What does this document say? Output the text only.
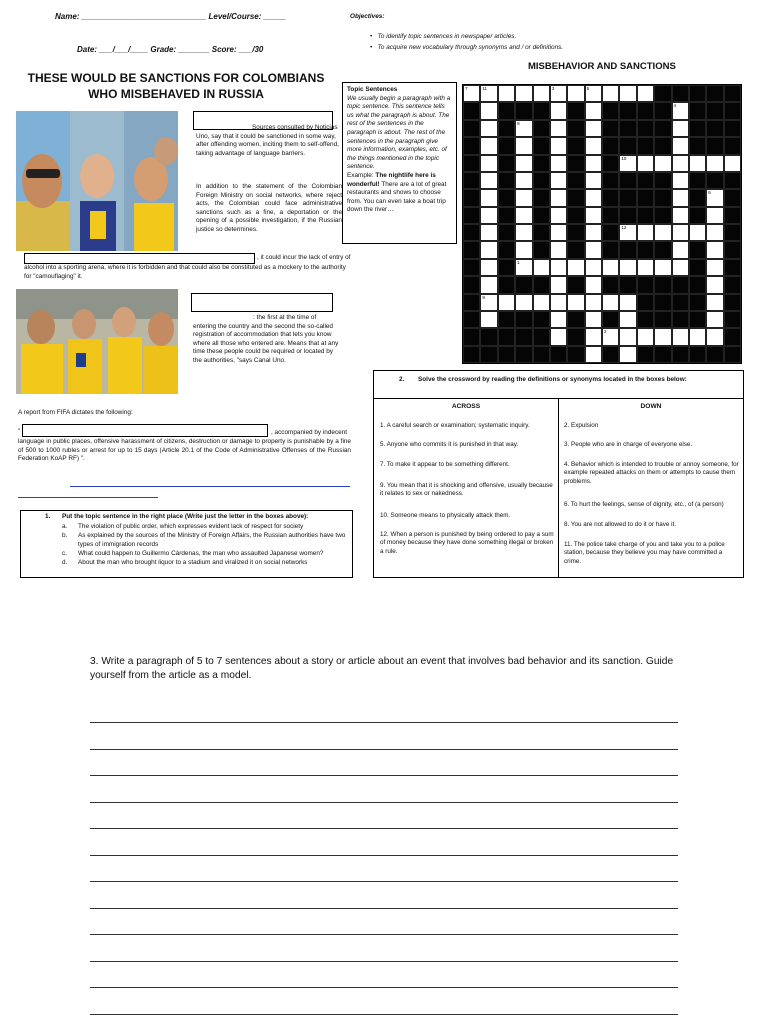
Name: ____________________________ Level/Course: _____
Date: ___/___/____ Grade: _______ Score: ___/30
Objectives:
•   To identify topic sentences in newspaper articles.
•   To acquire new vocabulary through synonyms and / or definitions.
THESE WOULD BE SANCTIONS FOR COLOMBIANS
WHO MISBEHAVED IN RUSSIA
Sources consulted by Noticias Uno, say that it could be sanctioned in some way, after offending women, inciting them to self-offend, taking advantage of language barriers.
In addition to the statement of the Colombian Foreign Ministry on social networks, where reject acts, the Colombian could face administrative sanctions such as a fine, a deportation or the opening of a possible investigation, if the Russian justice so determines.
, it could incur the lack of entry of
alcohol into a sporting arena, where it is forbidden and that could also be constituted as a mockery to the authority for "camouflaging" it.
: the first at the time of entering the country and the second the so-called registration of accommodation that lets you know where all those who entered are. Means that at any time these people could be required or located by the authorities, "says Canal Uno.
A report from FIFA dictates the following:
"	, accompanied by indecent
language in public places, offensive harassment of citizens, destruction or damage to property is punishable by a fine of 500 to 1000 rubles or arrest for up to 15 days (Article 20.1 of the Code of Administrative Offenses of the Russian Federation KoAP RF) ".
1. Put the topic sentence in the right place (Write just the letter in the boxes above):
a. The violation of public order, which expresses evident lack of respect for society
b. As explained by the sources of the Ministry of Foreign Affairs, the Russian authorities have two types of immigration records
c. What could happen to Guillermo Cárdenas, the man who assaulted Japanese women?
d. About the man who brought liquor to a stadium and viralized it on social networks
Topic Sentences
We usually begin a paragraph with a topic sentence. This sentence tells us what the paragraph is about. The rest of the sentences in the paragraph is about. The rest of the sentences in the paragraph give more information, examples, etc. of the things mentioned in the topic sentence.
Example: The nightlife here is wonderful! There are a lot of great restaurants and shows to choose from. You can even take a boat trip down the river…
MISBEHAVIOR AND SANCTIONS
7	11	3	5
4
8
10
6
12
1
9
2
2. Solve the crossword by reading the definitions or synonyms located in the boxes below:
ACROSS
1. A careful search or examination; systematic inquiry.
5. Anyone who commits it is punished in that way.
7. To make it appear to be something different.
9. You mean that it is shocking and offensive, usually because it relates to sex or nakedness.
10. Someone means to physically attack them.
12. When a person is punished by being ordered to pay a sum of money because they have done something illegal or broken a rule.
DOWN
2. Expulsion
3. People who are in charge of everyone else.
4. Behavior which is intended to trouble or annoy someone, for example repeated attacks on them or attempts to cause them problems.
6. To hurt the feelings, sense of dignity, etc., of (a person)
8. You are not allowed to do it or have it.
11. The police take charge of you and take you to a police station, because they believe you may have committed a crime.
3. Write a paragraph of 5 to 7 sentences about a story or article about an event that involves bad behavior and its sanction. Guide yourself from the article as a model.
